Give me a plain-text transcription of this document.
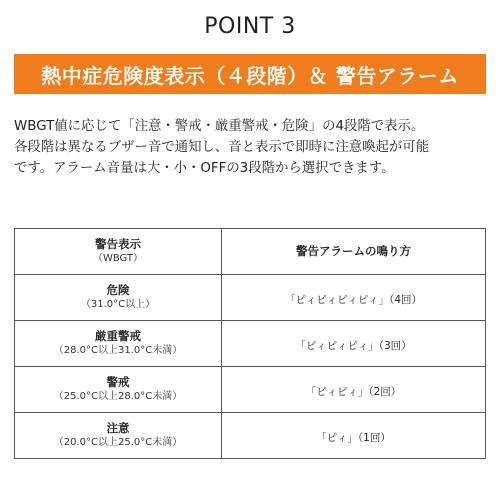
POINT 3
熱中症危険度表示（４段階）＆ 警告アラーム
WBGT値に応じて「注意・警戒・厳重警戒・危険」の4段階で表示。
各段階は異なるブザー音で通知し、音と表示で即時に注意喚起が可能
です。アラーム音量は大・小・OFFの3段階から選択できます。
警告表示
（WBGT）	警告アラームの鳴り方

危険
（31.0°C以上）	「ピィピィピィピィ」（4回）

厳重警戒
（28.0°C以上31.0°C未満）	「ピィピィピィ」（3回）

警戒
（25.0°C以上28.0°C未満）	「ピィピィ」（2回）

注意
（20.0°C以上25.0°C未満）	「ピィ」（1回）
